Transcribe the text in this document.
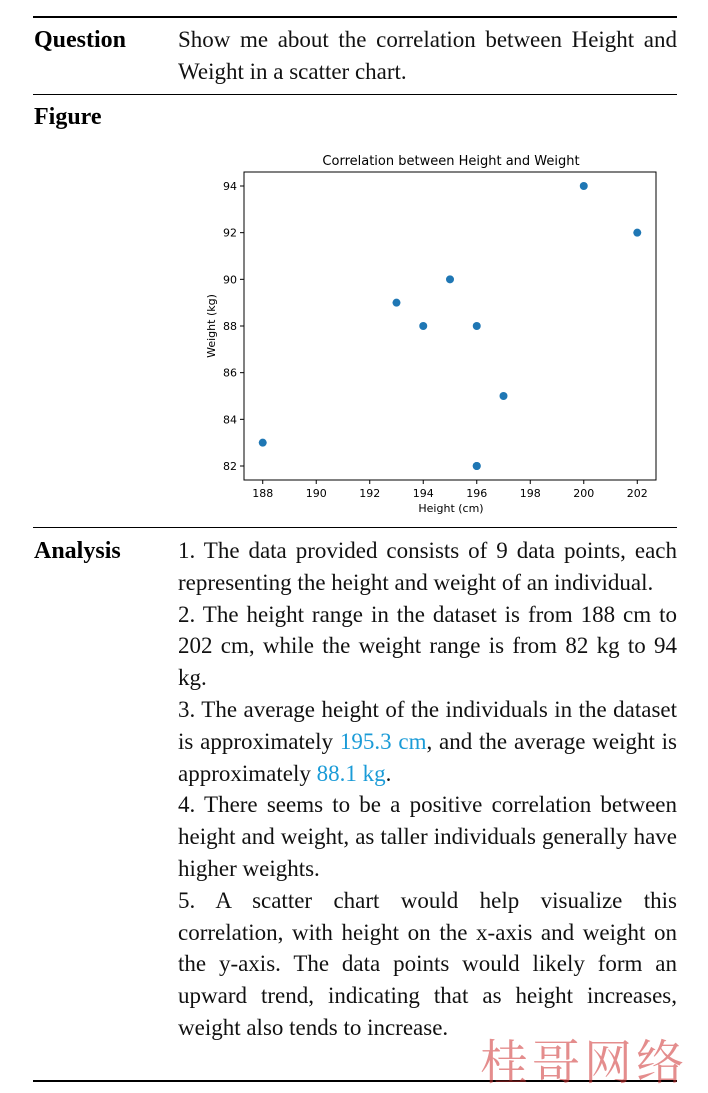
Question Show me about the correlation between Height and Weight in a scatter chart.
Figure
Correlation between Height and Weight
Height (cm)
Weight (kg)
188	190	192	194	196	198	200	202
82
84
86
88
90
92
94
Analysis 1. The data provided consists of 9 data points, each representing the height and weight of an individual.

2. The height range in the dataset is from 188 cm to 202 cm, while the weight range is from 82 kg to 94 kg.

3. The average height of the individuals in the dataset is approximately 195.3 cm, and the average weight is approximately 88.1 kg.

4. There seems to be a positive correlation between height and weight, as taller individuals generally have higher weights.

5. A scatter chart would help visualize this correlation, with height on the x-axis and weight on the y-axis. The data points would likely form an upward trend, indicating that as height increases, weight also tends to increase.

桂哥网络
